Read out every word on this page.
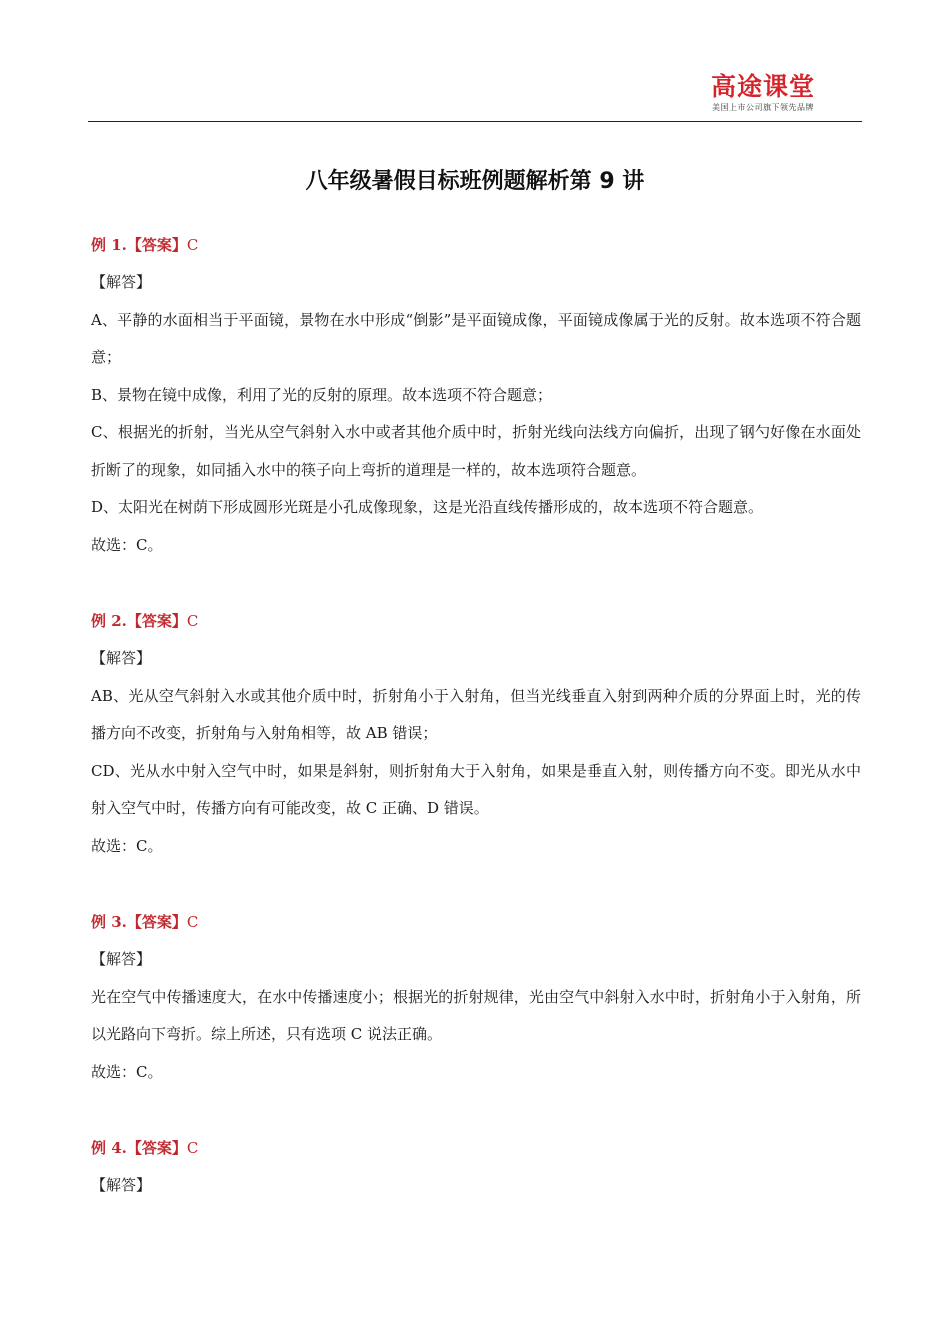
高途课堂
美国上市公司旗下领先品牌
八年级暑假目标班例题解析第 9 讲
例 1.【答案】C
【解答】
A、平静的水面相当于平面镜，景物在水中形成“倒影”是平面镜成像，平面镜成像属于光的反射。故本选项不符合题意；
B、景物在镜中成像，利用了光的反射的原理。故本选项不符合题意；
C、根据光的折射，当光从空气斜射入水中或者其他介质中时，折射光线向法线方向偏折，出现了钢勺好像在水面处折断了的现象，如同插入水中的筷子向上弯折的道理是一样的，故本选项符合题意。
D、太阳光在树荫下形成圆形光斑是小孔成像现象，这是光沿直线传播形成的，故本选项不符合题意。
故选：C。
例 2.【答案】C
【解答】
AB、光从空气斜射入水或其他介质中时，折射角小于入射角，但当光线垂直入射到两种介质的分界面上时，光的传播方向不改变，折射角与入射角相等，故 AB 错误；
CD、光从水中射入空气中时，如果是斜射，则折射角大于入射角，如果是垂直入射，则传播方向不变。即光从水中射入空气中时，传播方向有可能改变，故 C 正确、D 错误。
故选：C。
例 3.【答案】C
【解答】
光在空气中传播速度大，在水中传播速度小；根据光的折射规律，光由空气中斜射入水中时，折射角小于入射角，所以光路向下弯折。综上所述，只有选项 C 说法正确。
故选：C。
例 4.【答案】C
【解答】
